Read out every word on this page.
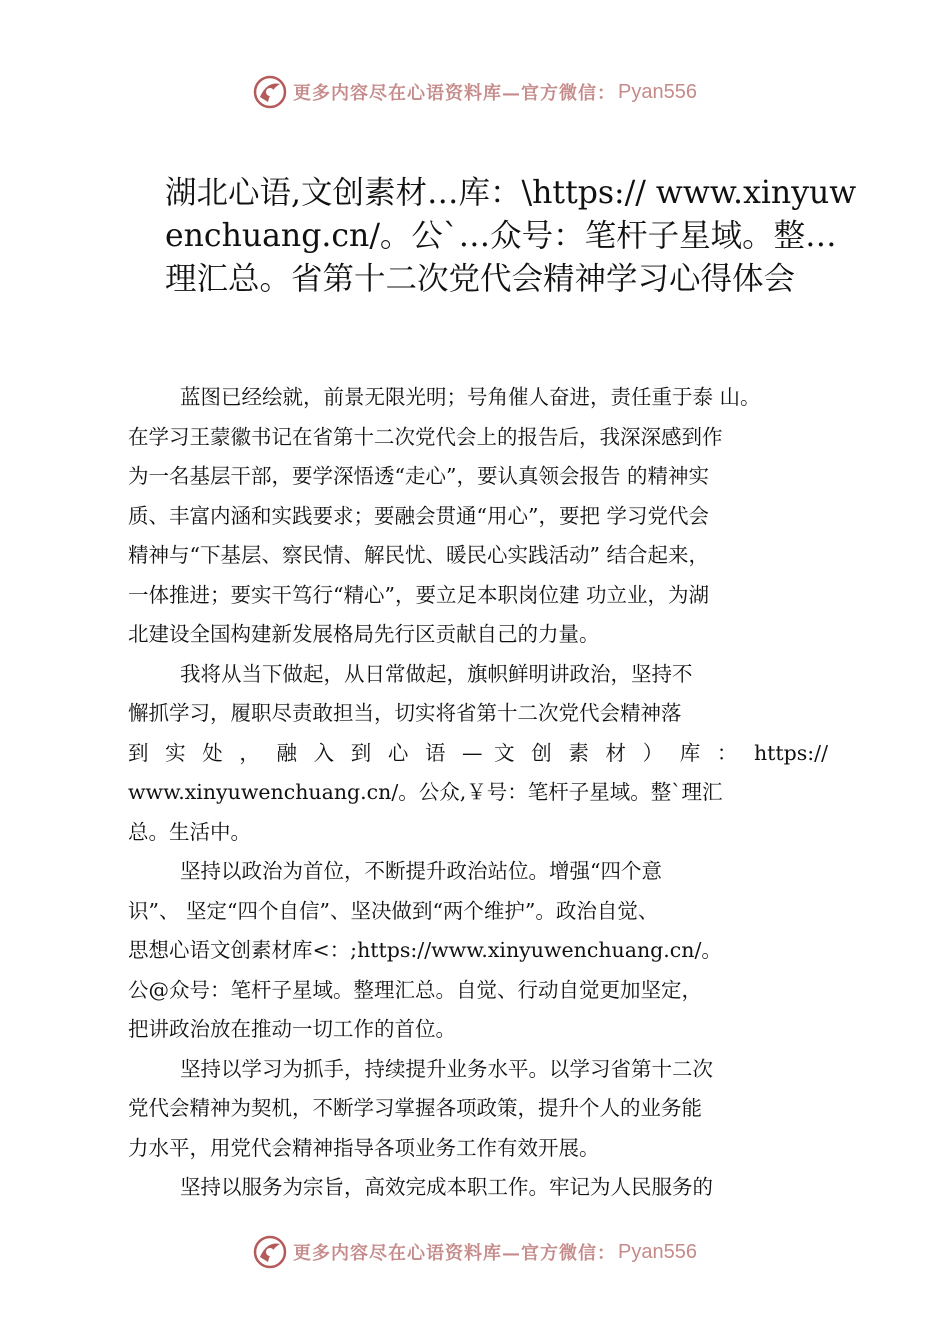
更多内容尽在心语资料库—官方微信： Pyan556
湖北心语,文创素材…库：\https:// www.xinyuwenchuang.cn/。公`…众号：笔杆子星域。整…理汇总。省第十二次党代会精神学习心得体会

蓝图已经绘就，前景无限光明；号角催人奋进，责任重于泰 山。
在学习王蒙徽书记在省第十二次党代会上的报告后，我深深感到作
为一名基层干部，要学深悟透“走心”，要认真领会报告 的精神实
质、丰富内涵和实践要求；要融会贯通“用心”，要把 学习党代会
精神与“下基层、察民情、解民忧、暖民心实践活动” 结合起来，
一体推进；要实干笃行“精心”，要立足本职岗位建 功立业，为湖
北建设全国构建新发展格局先行区贡献自己的力量。

我将从当下做起，从日常做起，旗帜鲜明讲政治，坚持不
懈抓学习，履职尽责敢担当，切实将省第十二次党代会精神落
到 实 处 ， 融 入 到 心 语 — 文 创 素 材 ） 库 ： https://
www.xinyuwenchuang.cn/。公众,￥号：笔杆子星域。整`理汇
总。生活中。

坚持以政治为首位，不断提升政治站位。增强“四个意
识”、 坚定“四个自信”、坚决做到“两个维护”。政治自觉、
思想心语文创素材库<：;https://www.xinyuwenchuang.cn/。
公@众号：笔杆子星域。整理汇总。自觉、行动自觉更加坚定，
把讲政治放在推动一切工作的首位。

坚持以学习为抓手，持续提升业务水平。以学习省第十二次
党代会精神为契机，不断学习掌握各项政策，提升个人的业务能
力水平，用党代会精神指导各项业务工作有效开展。

坚持以服务为宗旨，高效完成本职工作。牢记为人民服务的

更多内容尽在心语资料库—官方微信： Pyan556
